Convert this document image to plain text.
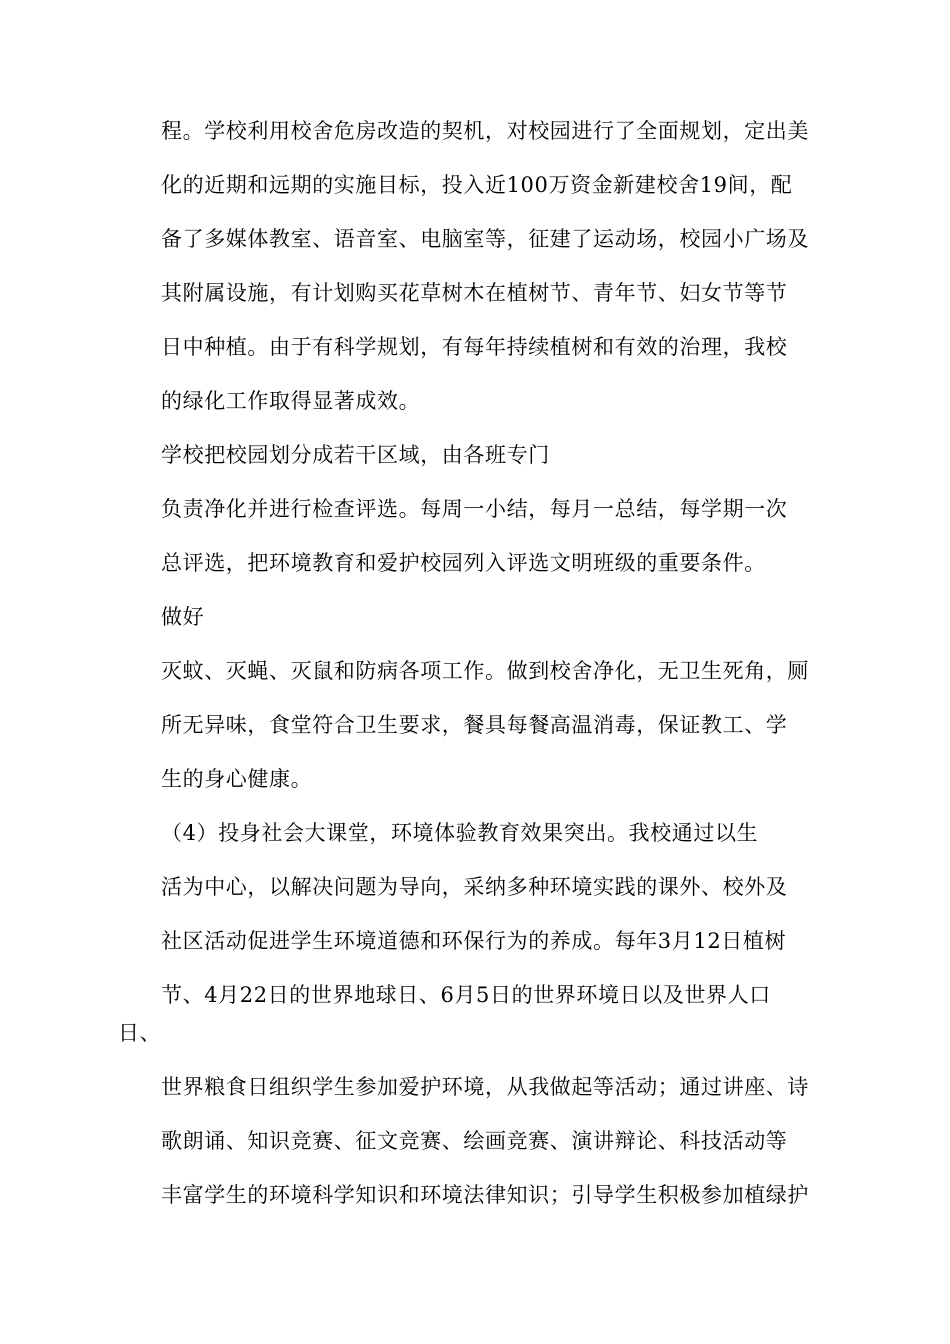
程。学校利用校舍危房改造的契机，对校园进行了全面规划，定出美
化的近期和远期的实施目标，投入近100万资金新建校舍19间，配
备了多媒体教室、语音室、电脑室等，征建了运动场，校园小广场及
其附属设施，有计划购买花草树木在植树节、青年节、妇女节等节
日中种植。由于有科学规划，有每年持续植树和有效的治理，我校
的绿化工作取得显著成效。
学校把校园划分成若干区域，由各班专门
负责净化并进行检查评选。每周一小结，每月一总结，每学期一次
总评选，把环境教育和爱护校园列入评选文明班级的重要条件。
做好
灭蚊、灭蝇、灭鼠和防病各项工作。做到校舍净化，无卫生死角，厕
所无异味，食堂符合卫生要求，餐具每餐高温消毒，保证教工、学
生的身心健康。
（4）投身社会大课堂，环境体验教育效果突出。我校通过以生
活为中心，以解决问题为导向，采纳多种环境实践的课外、校外及
社区活动促进学生环境道德和环保行为的养成。每年3月12日植树
节、4月22日的世界地球日、6月5日的世界环境日以及世界人口
日、
世界粮食日组织学生参加爱护环境，从我做起等活动；通过讲座、诗
歌朗诵、知识竞赛、征文竞赛、绘画竞赛、演讲辩论、科技活动等
丰富学生的环境科学知识和环境法律知识；引导学生积极参加植绿护
